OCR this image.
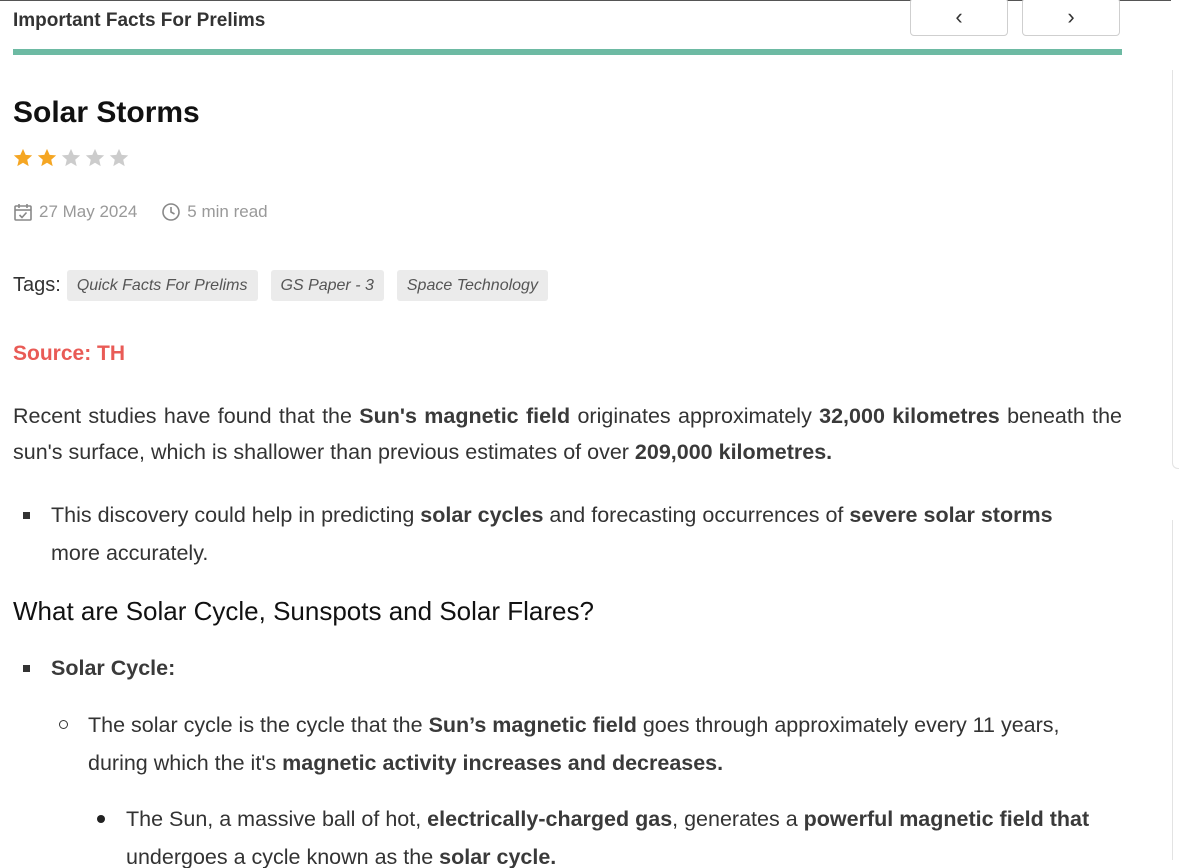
Important Facts For Prelims	‹	›
Solar Storms
27 May 2024	5 min read
Tags:	Quick Facts For Prelims	GS Paper - 3	Space Technology
Source: TH
Recent studies have found that the Sun's magnetic field originates approximately 32,000 kilometres beneath the sun's surface, which is shallower than previous estimates of over 209,000 kilometres.
This discovery could help in predicting solar cycles and forecasting occurrences of severe solar storms more accurately.
What are Solar Cycle, Sunspots and Solar Flares?
Solar Cycle:
The solar cycle is the cycle that the Sun’s magnetic field goes through approximately every 11 years, during which the it's magnetic activity increases and decreases.
The Sun, a massive ball of hot, electrically-charged gas, generates a powerful magnetic field that undergoes a cycle known as the solar cycle.
